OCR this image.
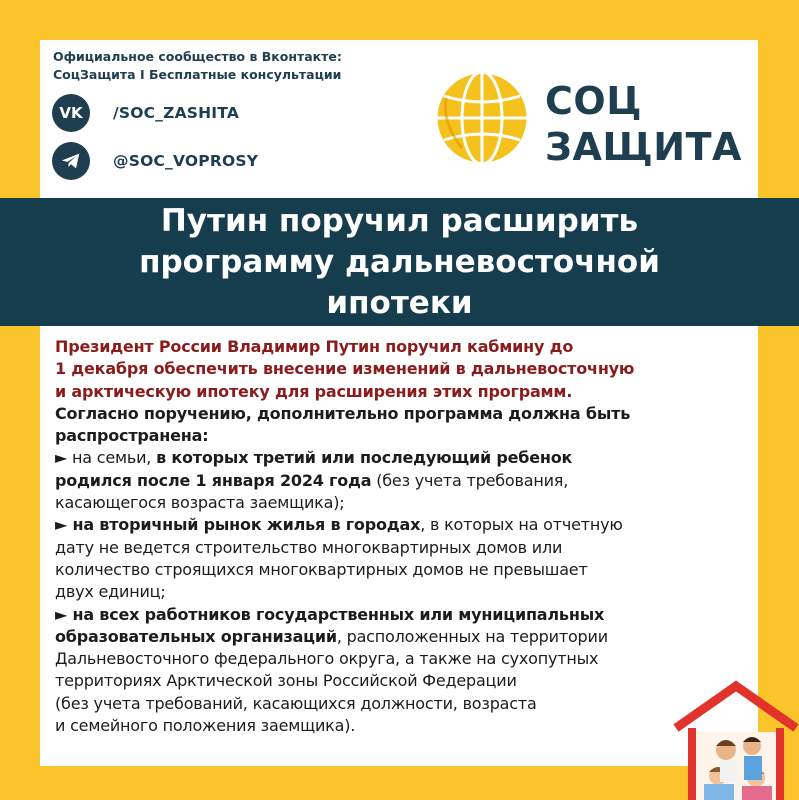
Официальное сообщество в Вконтакте:
СоцЗащита I Бесплатные консультации
VK /SOC_ZASHITA
@SOC_VOPROSY
СОЦ
ЗАЩИТА
Путин поручил расширить
программу дальневосточной
ипотеки

Президент России Владимир Путин поручил кабмину до
1 декабря обеспечить внесение изменений в дальневосточную
и арктическую ипотеку для расширения этих программ.

Согласно поручению, дополнительно программа должна быть
распространена:

► на семьи, в которых третий или последующий ребенок
родился после 1 января 2024 года (без учета требования,
касающегося возраста заемщика);

► на вторичный рынок жилья в городах, в которых на отчетную
дату не ведется строительство многоквартирных домов или
количество строящихся многоквартирных домов не превышает
двух единиц;

► на всех работников государственных или муниципальных
образовательных организаций, расположенных на территории
Дальневосточного федерального округа, а также на сухопутных
территориях Арктической зоны Российской Федерации
(без учета требований, касающихся должности, возраста
и семейного положения заемщика).
